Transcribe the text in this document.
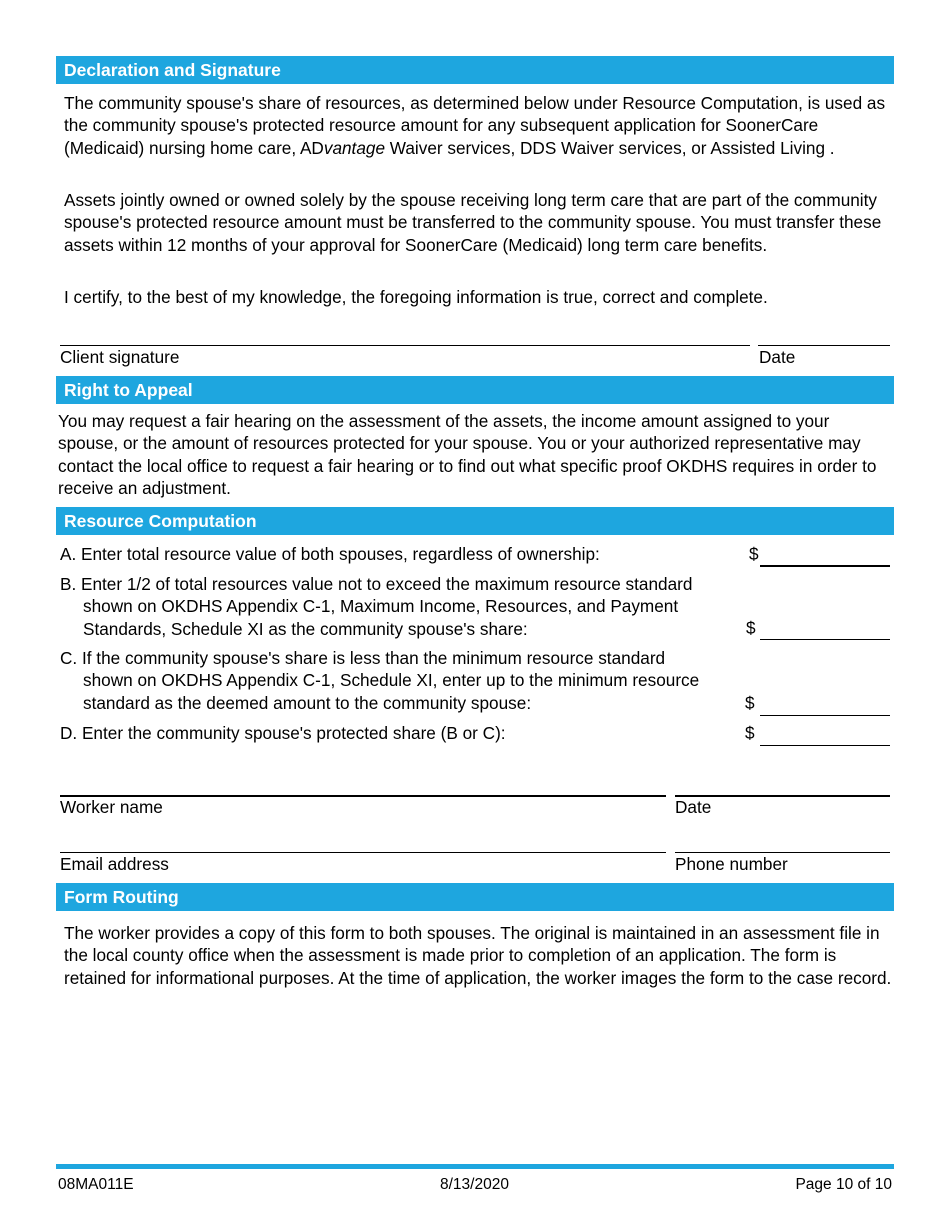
Declaration and Signature

The community spouse's share of resources, as determined below under Resource Computation, is used as the community spouse's protected resource amount for any subsequent application for SoonerCare (Medicaid) nursing home care, ADvantage Waiver services, DDS Waiver services, or Assisted Living .

Assets jointly owned or owned solely by the spouse receiving long term care that are part of the community spouse's protected resource amount must be transferred to the community spouse. You must transfer these assets within 12 months of your approval for SoonerCare (Medicaid) long term care benefits.

I certify, to the best of my knowledge, the foregoing information is true, correct and complete.

Client signature	Date
Right to Appeal

You may request a fair hearing on the assessment of the assets, the income amount assigned to your spouse, or the amount of resources protected for your spouse. You or your authorized representative may contact the local office to request a fair hearing or to find out what specific proof OKDHS requires in order to receive an adjustment.

Resource Computation

A. Enter total resource value of both spouses, regardless of ownership:	$

B. Enter 1/2 of total resources value not to exceed the maximum resource standard
shown on OKDHS Appendix C-1, Maximum Income, Resources, and Payment Standards, Schedule XI as the community spouse's share:	$

C. If the community spouse's share is less than the minimum resource standard
shown on OKDHS Appendix C-1, Schedule XI, enter up to the minimum resource standard as the deemed amount to the community spouse:	$

D. Enter the community spouse's protected share (B or C):	$
Worker name	Date
Email address	Phone number
Form Routing

The worker provides a copy of this form to both spouses. The original is maintained in an assessment file in the local county office when the assessment is made prior to completion of an application. The form is retained for informational purposes. At the time of application, the worker images the form to the case record.

08MA011E	8/13/2020	Page 10 of 10
